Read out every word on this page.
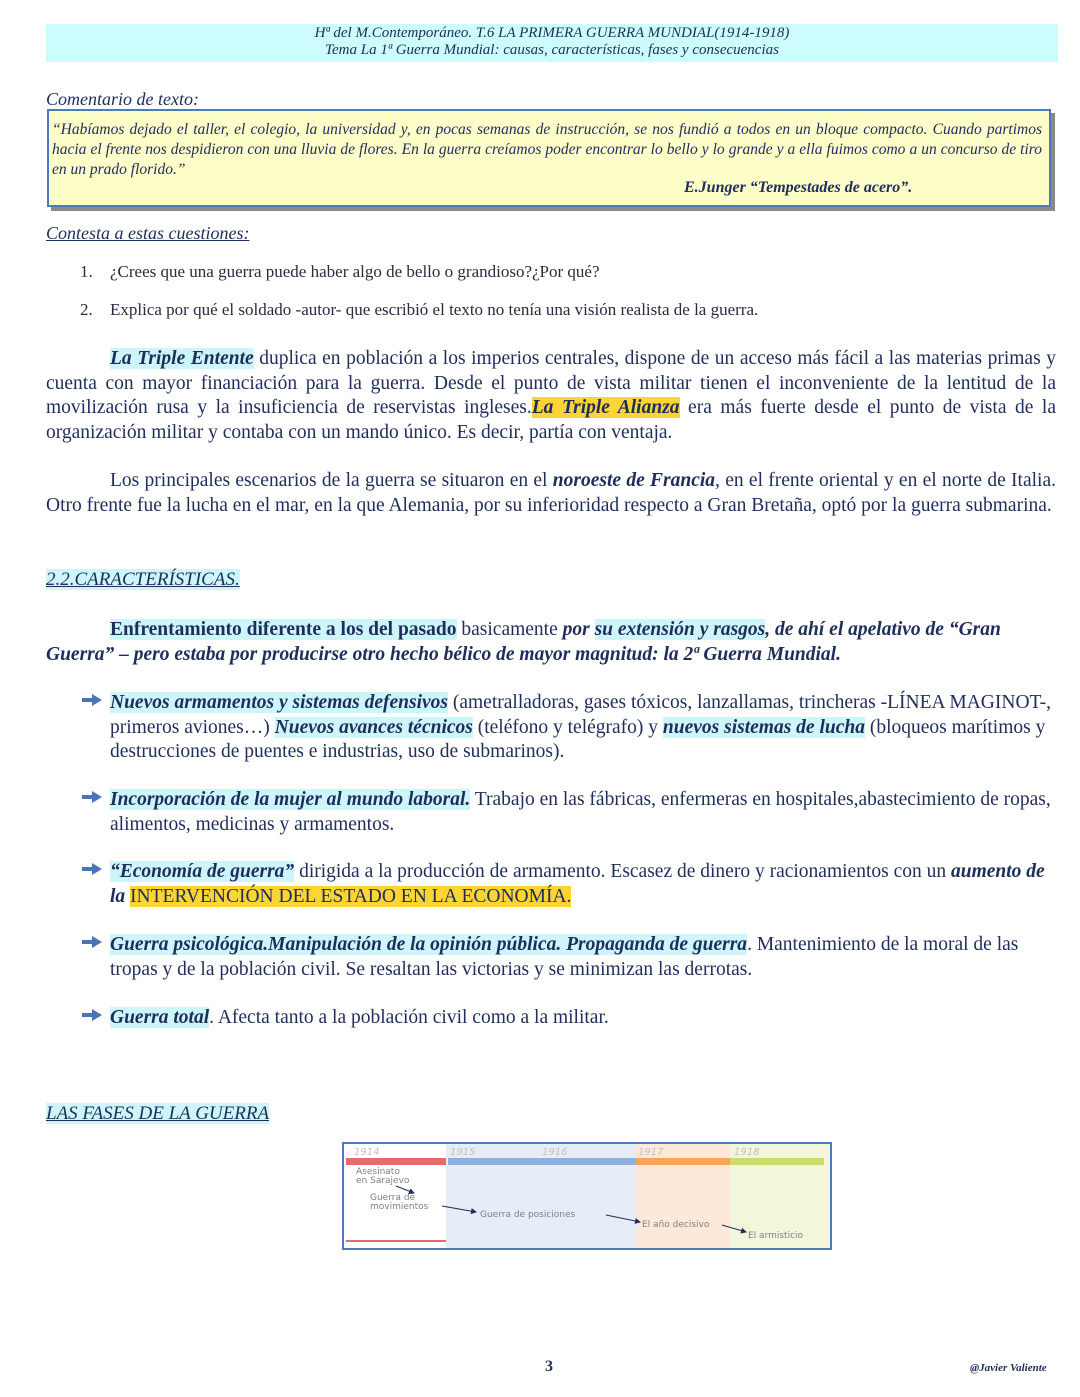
Hª del M.Contemporáneo. T.6 LA PRIMERA GUERRA MUNDIAL(1914-1918)
Tema La 1ª Guerra Mundial: causas, características, fases y consecuencias
Comentario de texto:
“Habíamos dejado el taller, el colegio, la universidad y, en pocas semanas de instrucción, se nos fundió a todos en un bloque compacto. Cuando partimos hacia el frente nos despidieron con una lluvia de flores. En la guerra creíamos poder encontrar lo bello y lo grande y a ella fuimos como a un concurso de tiro en un prado florido.”
E.Junger “Tempestades de acero”.
Contesta a estas cuestiones:
1. ¿Crees que una guerra puede haber algo de bello o grandioso?¿Por qué?
2. Explica por qué el soldado -autor- que escribió el texto no tenía una visión realista de la guerra.
La Triple Entente duplica en población a los imperios centrales, dispone de un acceso más fácil a las materias primas y cuenta con mayor financiación para la guerra. Desde el punto de vista militar tienen el inconveniente de la lentitud de la movilización rusa y la insuficiencia de reservistas ingleses.La Triple Alianza era más fuerte desde el punto de vista de la organización militar y contaba con un mando único. Es decir, partía con ventaja.
Los principales escenarios de la guerra se situaron en el noroeste de Francia, en el frente oriental y en el norte de Italia. Otro frente fue la lucha en el mar, en la que Alemania, por su inferioridad respecto a Gran Bretaña, optó por la guerra submarina.
2.2.CARACTERÍSTICAS.
Enfrentamiento diferente a los del pasado basicamente por su extensión y rasgos, de ahí el apelativo de “Gran Guerra” – pero estaba por producirse otro hecho bélico de mayor magnitud: la 2ª Guerra Mundial.
Nuevos armamentos y sistemas defensivos (ametralladoras, gases tóxicos, lanzallamas, trincheras -LÍNEA MAGINOT-, primeros aviones…) Nuevos avances técnicos (teléfono y telégrafo) y nuevos sistemas de lucha (bloqueos marítimos y destrucciones de puentes e industrias, uso de submarinos).
Incorporación de la mujer al mundo laboral. Trabajo en las fábricas, enfermeras en hospitales,abastecimiento de ropas, alimentos, medicinas y armamentos.
“Economía de guerra” dirigida a la producción de armamento. Escasez de dinero y racionamientos con un aumento de la INTERVENCIÓN DEL ESTADO EN LA ECONOMÍA.
Guerra psicológica.Manipulación de la opinión pública. Propaganda de guerra. Mantenimiento de la moral de las tropas y de la población civil. Se resaltan las victorias y se minimizan las derrotas.
Guerra total. Afecta tanto a la población civil como a la militar.
LAS FASES DE LA GUERRA
1914	1915	1916	1917	1918
Asesinato
en Sarajevo
Guerra de
movimientos
Guerra de posiciones
El año decisivo
El armisticio
3	@Javier Valiente
